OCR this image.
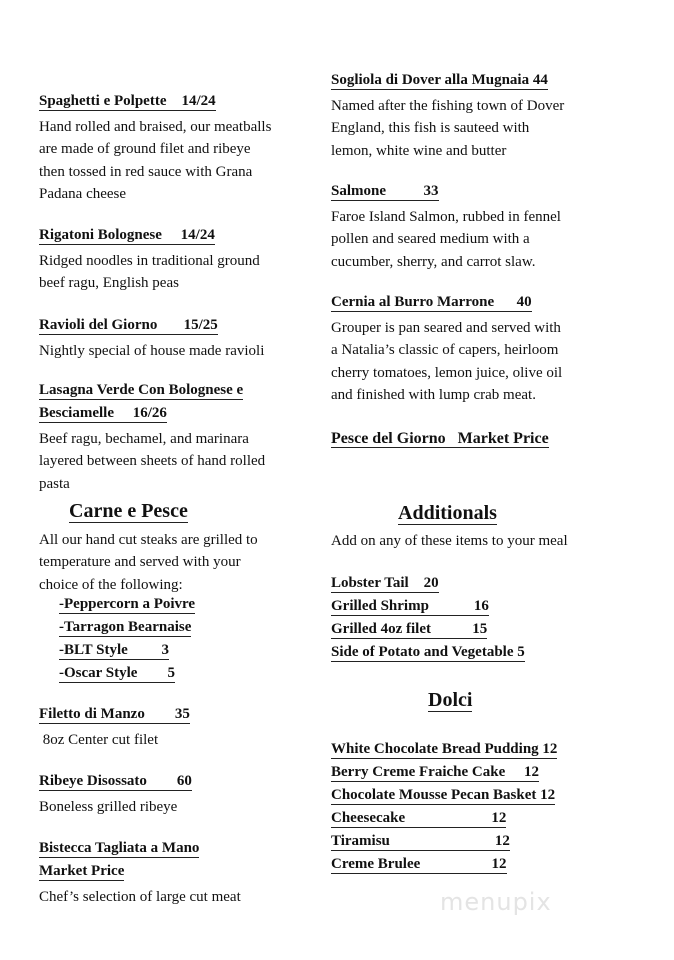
Spaghetti e Polpette    14/24
Hand rolled and braised, our meatballs
are made of ground filet and ribeye
then tossed in red sauce with Grana
Padana cheese
Rigatoni Bolognese     14/24
Ridged noodles in traditional ground
beef ragu, English peas
Ravioli del Giorno       15/25
Nightly special of house made ravioli
Lasagna Verde Con Bolognese e
Besciamelle     16/26
Beef ragu, bechamel, and marinara
layered between sheets of hand rolled
pasta
Carne e Pesce
All our hand cut steaks are grilled to
temperature and served with your
choice of the following:
-Peppercorn a Poivre
-Tarragon Bearnaise
-BLT Style         3
-Oscar Style        5
Filetto di Manzo        35
8oz Center cut filet
Ribeye Disossato        60
Boneless grilled ribeye
Bistecca Tagliata a Mano
Market Price
Chef’s selection of large cut meat
Sogliola di Dover alla Mugnaia 44
Named after the fishing town of Dover
England, this fish is sauteed with
lemon, white wine and butter
Salmone          33
Faroe Island Salmon, rubbed in fennel
pollen and seared medium with a
cucumber, sherry, and carrot slaw.
Cernia al Burro Marrone      40
Grouper is pan seared and served with
a Natalia’s classic of capers, heirloom
cherry tomatoes, lemon juice, olive oil
and finished with lump crab meat.
Pesce del Giorno   Market Price
Additionals
Add on any of these items to your meal
Lobster Tail    20
Grilled Shrimp            16
Grilled 4oz filet           15
Side of Potato and Vegetable 5
Dolci
White Chocolate Bread Pudding 12
Berry Creme Fraiche Cake     12
Chocolate Mousse Pecan Basket 12
Cheesecake                       12
Tiramisu                            12
Creme Brulee                   12
menupix
